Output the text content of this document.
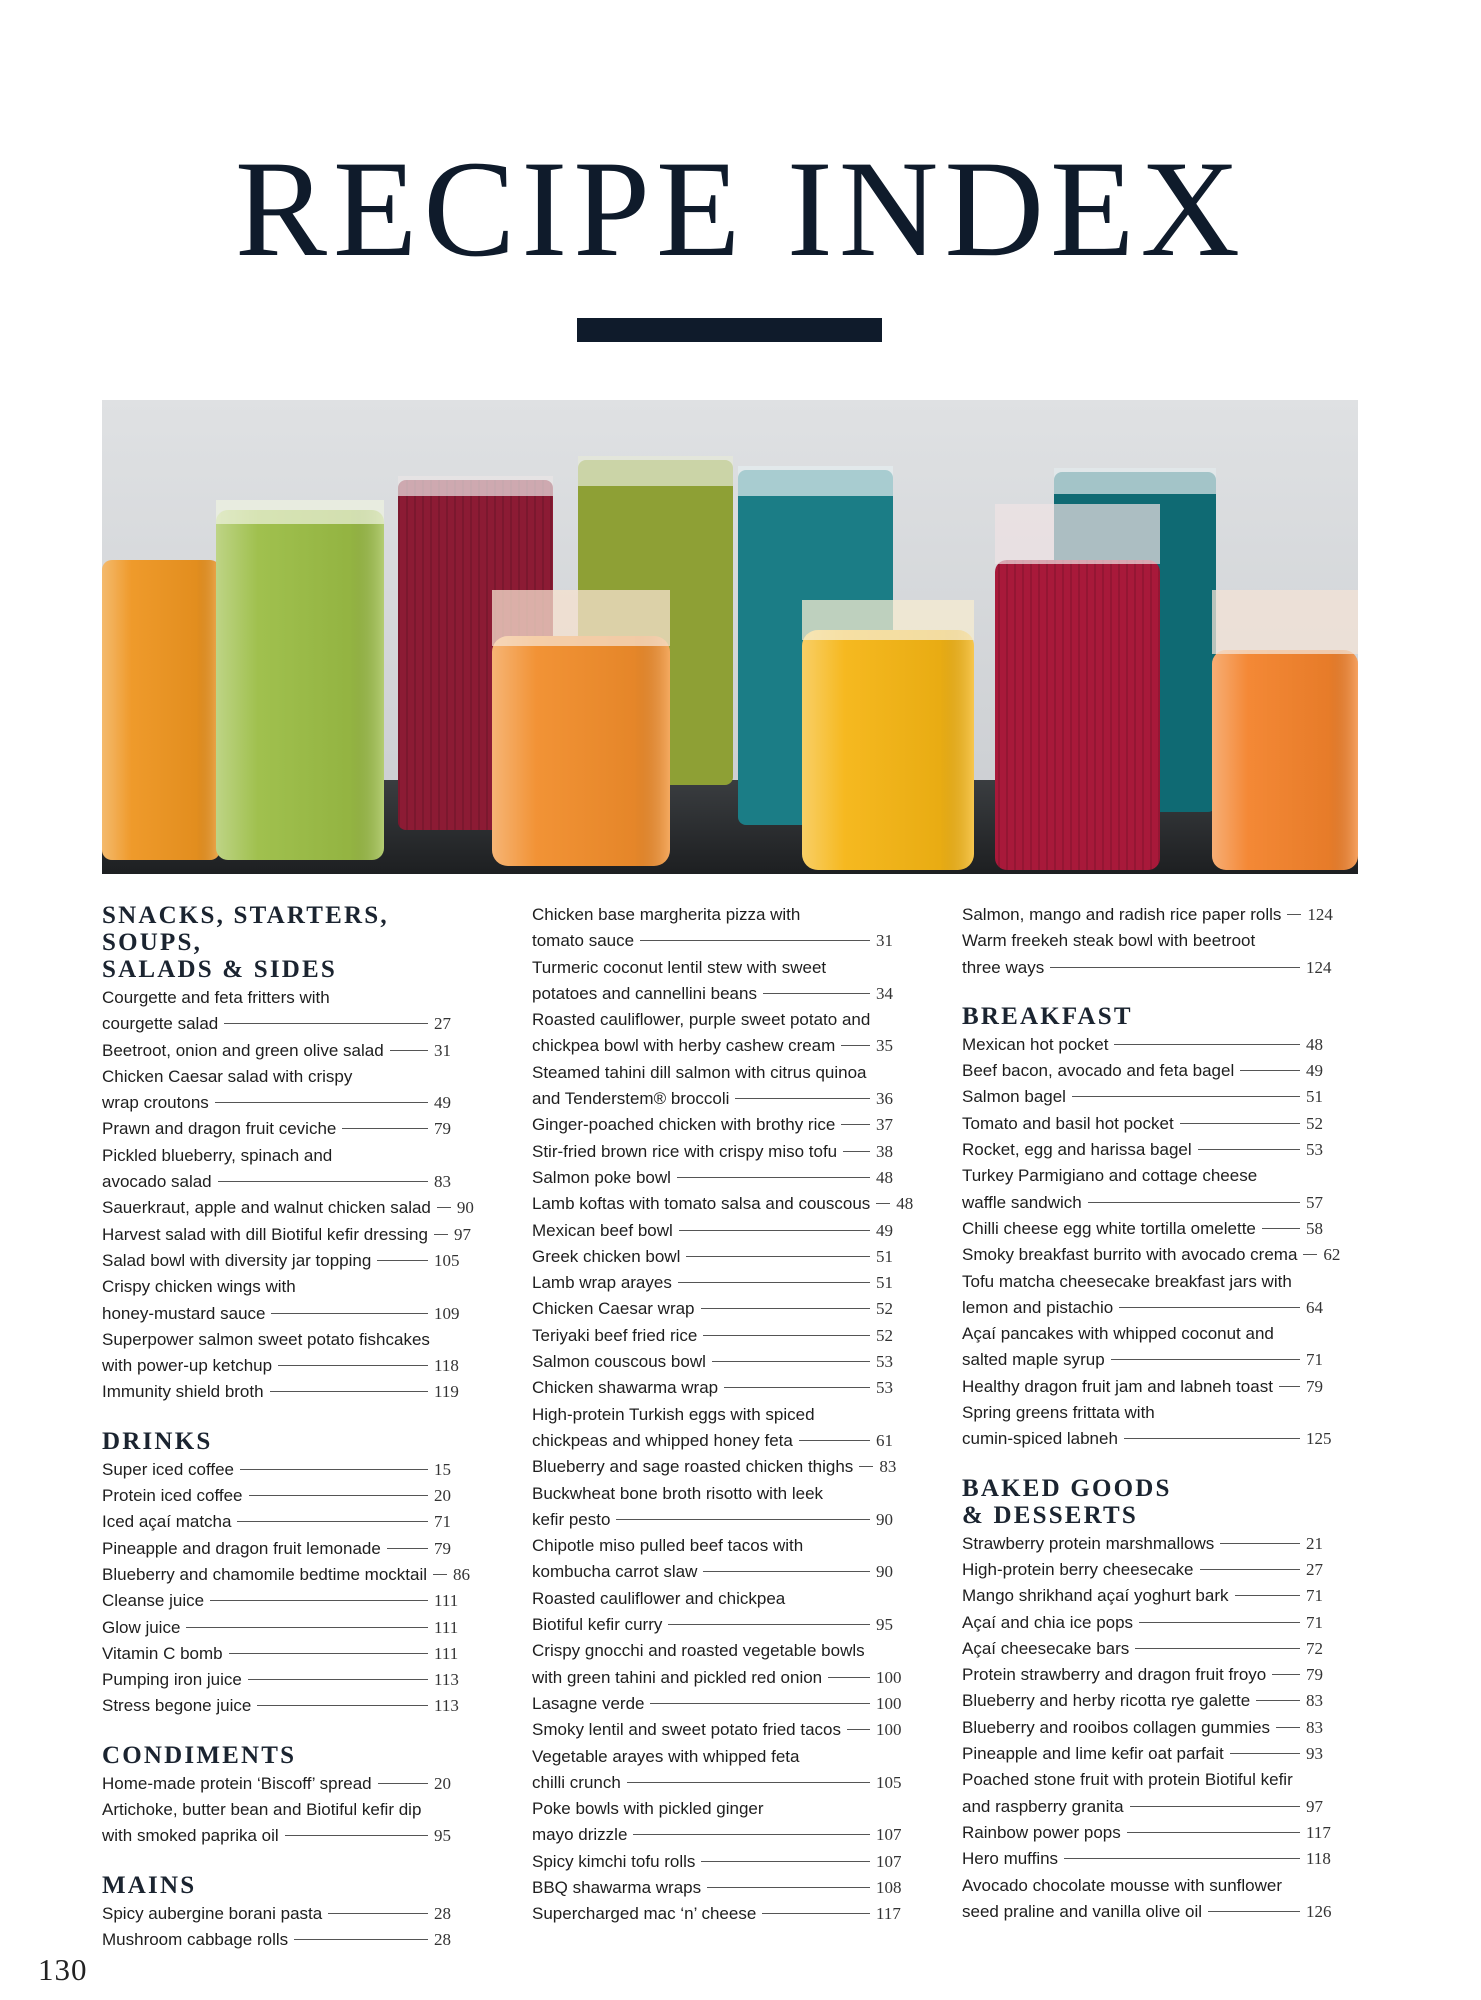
RECIPE INDEX
SNACKS, STARTERS, SOUPS,
SALADS & SIDES
Courgette and feta fritters with
courgette salad	27
Beetroot, onion and green olive salad	31
Chicken Caesar salad with crispy
wrap croutons	49
Prawn and dragon fruit ceviche	79
Pickled blueberry, spinach and
avocado salad	83
Sauerkraut, apple and walnut chicken salad 90
Harvest salad with dill Biotiful kefir dressing 97
Salad bowl with diversity jar topping	105
Crispy chicken wings with
honey-mustard sauce	109
Superpower salmon sweet potato fishcakes
with power-up ketchup	118
Immunity shield broth	119
DRINKS
Super iced coffee	15
Protein iced coffee	20
Iced açaí matcha	71
Pineapple and dragon fruit lemonade	79
Blueberry and chamomile bedtime mocktail 86
Cleanse juice	111
Glow juice	111
Vitamin C bomb	111
Pumping iron juice	113
Stress begone juice	113
CONDIMENTS
Home-made protein ‘Biscoff’ spread	20
Artichoke, butter bean and Biotiful kefir dip
with smoked paprika oil	95
MAINS
Spicy aubergine borani pasta	28
Mushroom cabbage rolls	28
Chicken base margherita pizza with
tomato sauce	31
Turmeric coconut lentil stew with sweet
potatoes and cannellini beans	34
Roasted cauliflower, purple sweet potato and
chickpea bowl with herby cashew cream 35
Steamed tahini dill salmon with citrus quinoa
and Tenderstem® broccoli	36
Ginger-poached chicken with brothy rice 37
Stir-fried brown rice with crispy miso tofu 38
Salmon poke bowl	48
Lamb koftas with tomato salsa and couscous 48
Mexican beef bowl	49
Greek chicken bowl	51
Lamb wrap arayes	51
Chicken Caesar wrap	52
Teriyaki beef fried rice	52
Salmon couscous bowl	53
Chicken shawarma wrap	53
High-protein Turkish eggs with spiced
chickpeas and whipped honey feta	61
Blueberry and sage roasted chicken thighs 83
Buckwheat bone broth risotto with leek
kefir pesto	90
Chipotle miso pulled beef tacos with
kombucha carrot slaw	90
Roasted cauliflower and chickpea
Biotiful kefir curry	95
Crispy gnocchi and roasted vegetable bowls
with green tahini and pickled red onion	100
Lasagne verde	100
Smoky lentil and sweet potato fried tacos 100
Vegetable arayes with whipped feta
chilli crunch	105
Poke bowls with pickled ginger
mayo drizzle	107
Spicy kimchi tofu rolls	107
BBQ shawarma wraps	108
Supercharged mac ‘n’ cheese	117
Salmon, mango and radish rice paper rolls 124
Warm freekeh steak bowl with beetroot
three ways	124
BREAKFAST
Mexican hot pocket	48
Beef bacon, avocado and feta bagel	49
Salmon bagel	51
Tomato and basil hot pocket	52
Rocket, egg and harissa bagel	53
Turkey Parmigiano and cottage cheese
waffle sandwich	57
Chilli cheese egg white tortilla omelette	58
Smoky breakfast burrito with avocado crema 62
Tofu matcha cheesecake breakfast jars with
lemon and pistachio	64
Açaí pancakes with whipped coconut and
salted maple syrup	71
Healthy dragon fruit jam and labneh toast 79
Spring greens frittata with
cumin-spiced labneh	125
BAKED GOODS
& DESSERTS
Strawberry protein marshmallows	21
High-protein berry cheesecake	27
Mango shrikhand açaí yoghurt bark	71
Açaí and chia ice pops	71
Açaí cheesecake bars	72
Protein strawberry and dragon fruit froyo 79
Blueberry and herby ricotta rye galette	83
Blueberry and rooibos collagen gummies 83
Pineapple and lime kefir oat parfait	93
Poached stone fruit with protein Biotiful kefir
and raspberry granita	97
Rainbow power pops	117
Hero muffins	118
Avocado chocolate mousse with sunflower
seed praline and vanilla olive oil	126
130
